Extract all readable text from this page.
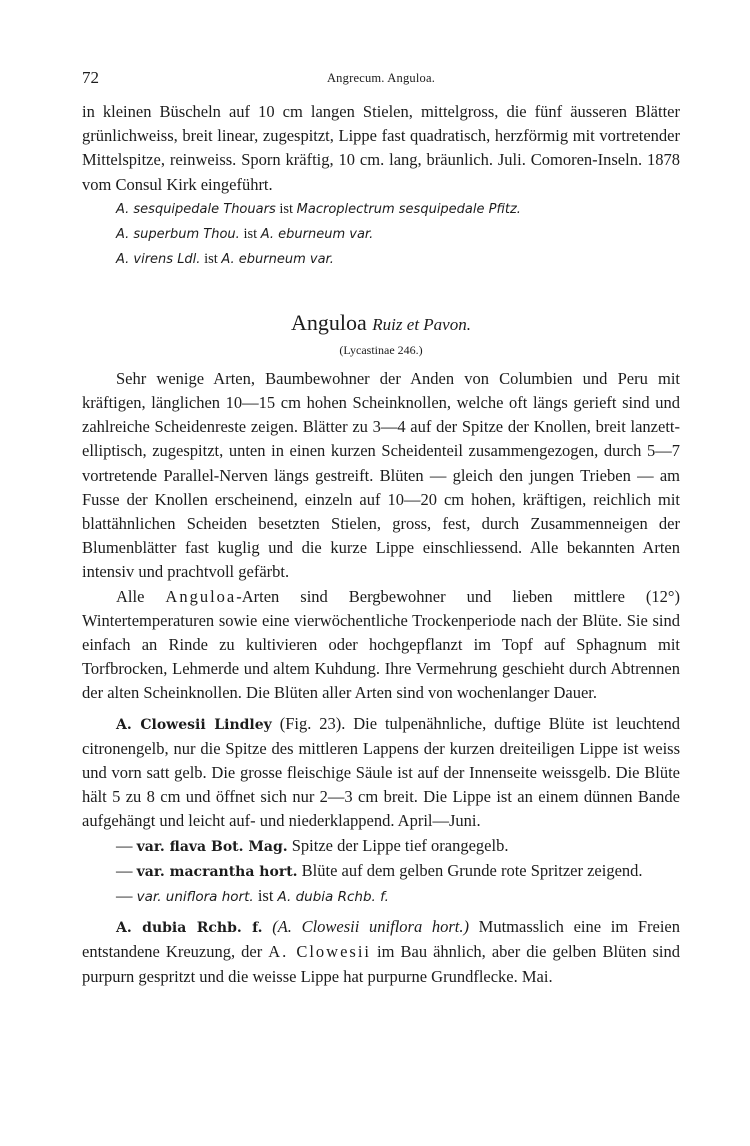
72	Angrecum. Anguloa.

in kleinen Büscheln auf 10 cm langen Stielen, mittelgross, die fünf äusseren Blätter grünlichweiss, breit linear, zugespitzt, Lippe fast quadratisch, herzförmig mit vortretender Mittelspitze, reinweiss. Sporn kräftig, 10 cm. lang, bräunlich. Juli. Comoren-Inseln. 1878 vom Consul Kirk eingeführt.

A. sesquipedale Thouars ist Macroplectrum sesquipedale Pfitz.
A. superbum Thou. ist A. eburneum var.
A. virens Ldl. ist A. eburneum var.
Anguloa Ruiz et Pavon.
(Lycastinae 246.)

Sehr wenige Arten, Baumbewohner der Anden von Columbien und Peru mit kräftigen, länglichen 10—15 cm hohen Scheinknollen, welche oft längs gerieft sind und zahlreiche Scheidenreste zeigen. Blätter zu 3—4 auf der Spitze der Knollen, breit lanzett-elliptisch, zugespitzt, unten in einen kurzen Scheidenteil zusammengezogen, durch 5—7 vortretende Parallel-Nerven längs gestreift. Blüten — gleich den jungen Trieben — am Fusse der Knollen erscheinend, einzeln auf 10—20 cm hohen, kräftigen, reichlich mit blattähnlichen Scheiden besetzten Stielen, gross, fest, durch Zusammenneigen der Blumenblätter fast kuglig und die kurze Lippe einschliessend. Alle bekannten Arten intensiv und prachtvoll gefärbt.

Alle Anguloa-Arten sind Bergbewohner und lieben mittlere (12°) Wintertemperaturen sowie eine vierwöchentliche Trockenperiode nach der Blüte. Sie sind einfach an Rinde zu kultivieren oder hochgepflanzt im Topf auf Sphagnum mit Torfbrocken, Lehmerde und altem Kuhdung. Ihre Vermehrung geschieht durch Abtrennen der alten Scheinknollen. Die Blüten aller Arten sind von wochenlanger Dauer.

A. Clowesii Lindley (Fig. 23). Die tulpenähnliche, duftige Blüte ist leuchtend citronengelb, nur die Spitze des mittleren Lappens der kurzen dreiteiligen Lippe ist weiss und vorn satt gelb. Die grosse fleischige Säule ist auf der Innenseite weissgelb. Die Blüte hält 5 zu 8 cm und öffnet sich nur 2—3 cm breit. Die Lippe ist an einem dünnen Bande aufgehängt und leicht auf- und niederklappend. April—Juni.

— var. flava Bot. Mag. Spitze der Lippe tief orangegelb.

— var. macrantha hort. Blüte auf dem gelben Grunde rote Spritzer zeigend.

— var. uniflora hort. ist A. dubia Rchb. f.

A. dubia Rchb. f. (A. Clowesii uniflora hort.) Mutmasslich eine im Freien entstandene Kreuzung, der A. Clowesii im Bau ähnlich, aber die gelben Blüten sind purpurn gespritzt und die weisse Lippe hat purpurne Grundflecke. Mai.
